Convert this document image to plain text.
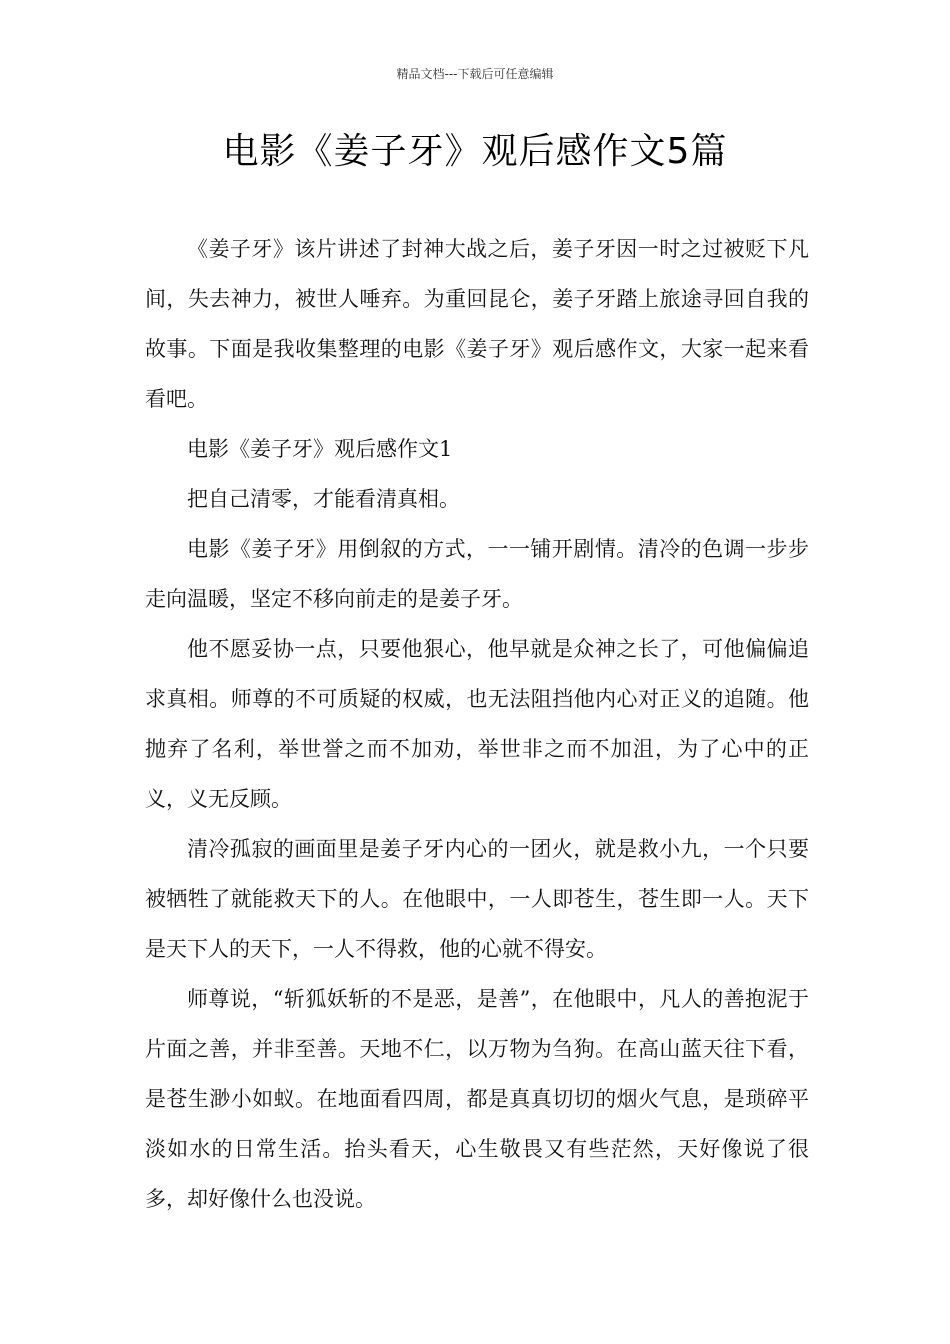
精品文档---下载后可任意编辑
电影《姜子牙》观后感作文5篇

《姜子牙》该片讲述了封神大战之后，姜子牙因一时之过被贬下凡间，失去神力，被世人唾弃。为重回昆仑，姜子牙踏上旅途寻回自我的故事。下面是我收集整理的电影《姜子牙》观后感作文，大家一起来看看吧。

电影《姜子牙》观后感作文1

把自己清零，才能看清真相。

电影《姜子牙》用倒叙的方式，一一铺开剧情。清冷的色调一步步走向温暖，坚定不移向前走的是姜子牙。

他不愿妥协一点，只要他狠心，他早就是众神之长了，可他偏偏追求真相。师尊的不可质疑的权威，也无法阻挡他内心对正义的追随。他抛弃了名利，举世誉之而不加劝，举世非之而不加沮，为了心中的正义，义无反顾。

清冷孤寂的画面里是姜子牙内心的一团火，就是救小九，一个只要被牺牲了就能救天下的人。在他眼中，一人即苍生，苍生即一人。天下是天下人的天下，一人不得救，他的心就不得安。

师尊说，“斩狐妖斩的不是恶，是善”，在他眼中，凡人的善抱泥于片面之善，并非至善。天地不仁，以万物为刍狗。在高山蓝天往下看，是苍生渺小如蚁。在地面看四周，都是真真切切的烟火气息，是琐碎平淡如水的日常生活。抬头看天，心生敬畏又有些茫然，天好像说了很多，却好像什么也没说。
